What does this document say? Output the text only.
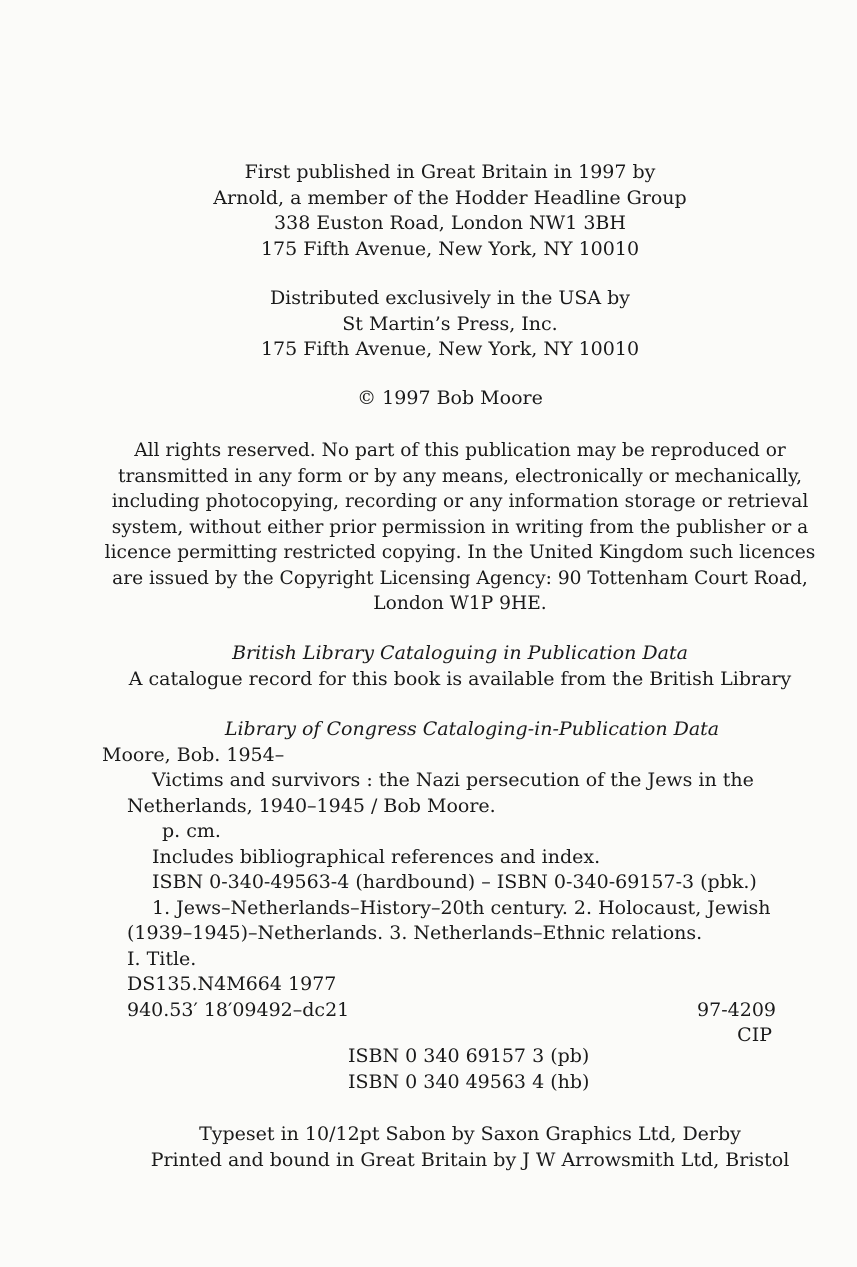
First published in Great Britain in 1997 by
Arnold, a member of the Hodder Headline Group
338 Euston Road, London NW1 3BH
175 Fifth Avenue, New York, NY 10010
Distributed exclusively in the USA by
St Martin’s Press, Inc.
175 Fifth Avenue, New York, NY 10010
© 1997 Bob Moore
All rights reserved. No part of this publication may be reproduced or
transmitted in any form or by any means, electronically or mechanically,
including photocopying, recording or any information storage or retrieval
system, without either prior permission in writing from the publisher or a
licence permitting restricted copying. In the United Kingdom such licences
are issued by the Copyright Licensing Agency: 90 Tottenham Court Road,
London W1P 9HE.
British Library Cataloguing in Publication Data
A catalogue record for this book is available from the British Library
Library of Congress Cataloging-in-Publication Data
Moore, Bob. 1954–
Victims and survivors : the Nazi persecution of the Jews in the
Netherlands, 1940–1945 / Bob Moore.
p. cm.
Includes bibliographical references and index.
ISBN 0-340-49563-4 (hardbound) – ISBN 0-340-69157-3 (pbk.)
1. Jews–Netherlands–History–20th century. 2. Holocaust, Jewish
(1939–1945)–Netherlands. 3. Netherlands–Ethnic relations.
I. Title.
DS135.N4M664 1977
940.53′ 18′09492–dc21	97-4209
CIP
ISBN 0 340 69157 3 (pb)
ISBN 0 340 49563 4 (hb)
Typeset in 10/12pt Sabon by Saxon Graphics Ltd, Derby
Printed and bound in Great Britain by J W Arrowsmith Ltd, Bristol
